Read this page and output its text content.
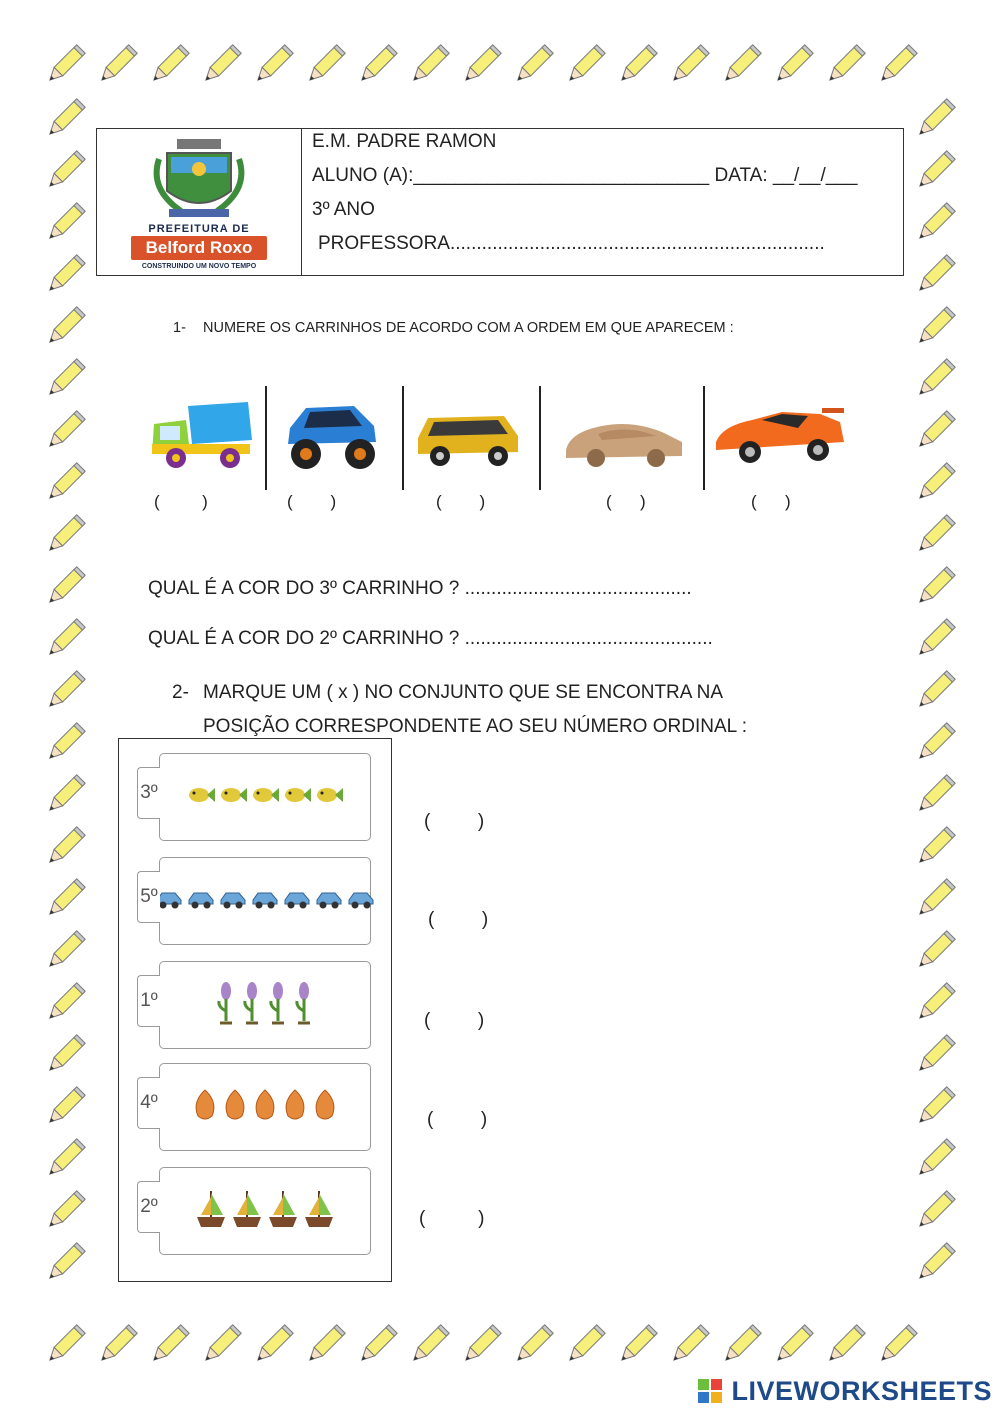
PREFEITURA DE
Belford Roxo
CONSTRUINDO UM NOVO TEMPO
E.M. PADRE RAMON
ALUNO (A):____________________________ DATA: __/__/___
3º ANO
PROFESSORA.......................................................................
1- NUMERE OS CARRINHOS DE ACORDO COM A ORDEM EM QUE APARECEM :
(         )	(        )	(        )	(      )	(      )
QUAL É A COR DO 3º CARRINHO ? ...........................................
QUAL É A COR DO 2º CARRINHO ? ...............................................
2- MARQUE UM ( x ) NO CONJUNTO QUE SE ENCONTRA NA
POSIÇÃO CORRESPONDENTE AO SEU NÚMERO ORDINAL :
3º
5º
1º
4º
2º
(         )
(         )
(         )
(         )
(          )
LIVEWORKSHEETS
